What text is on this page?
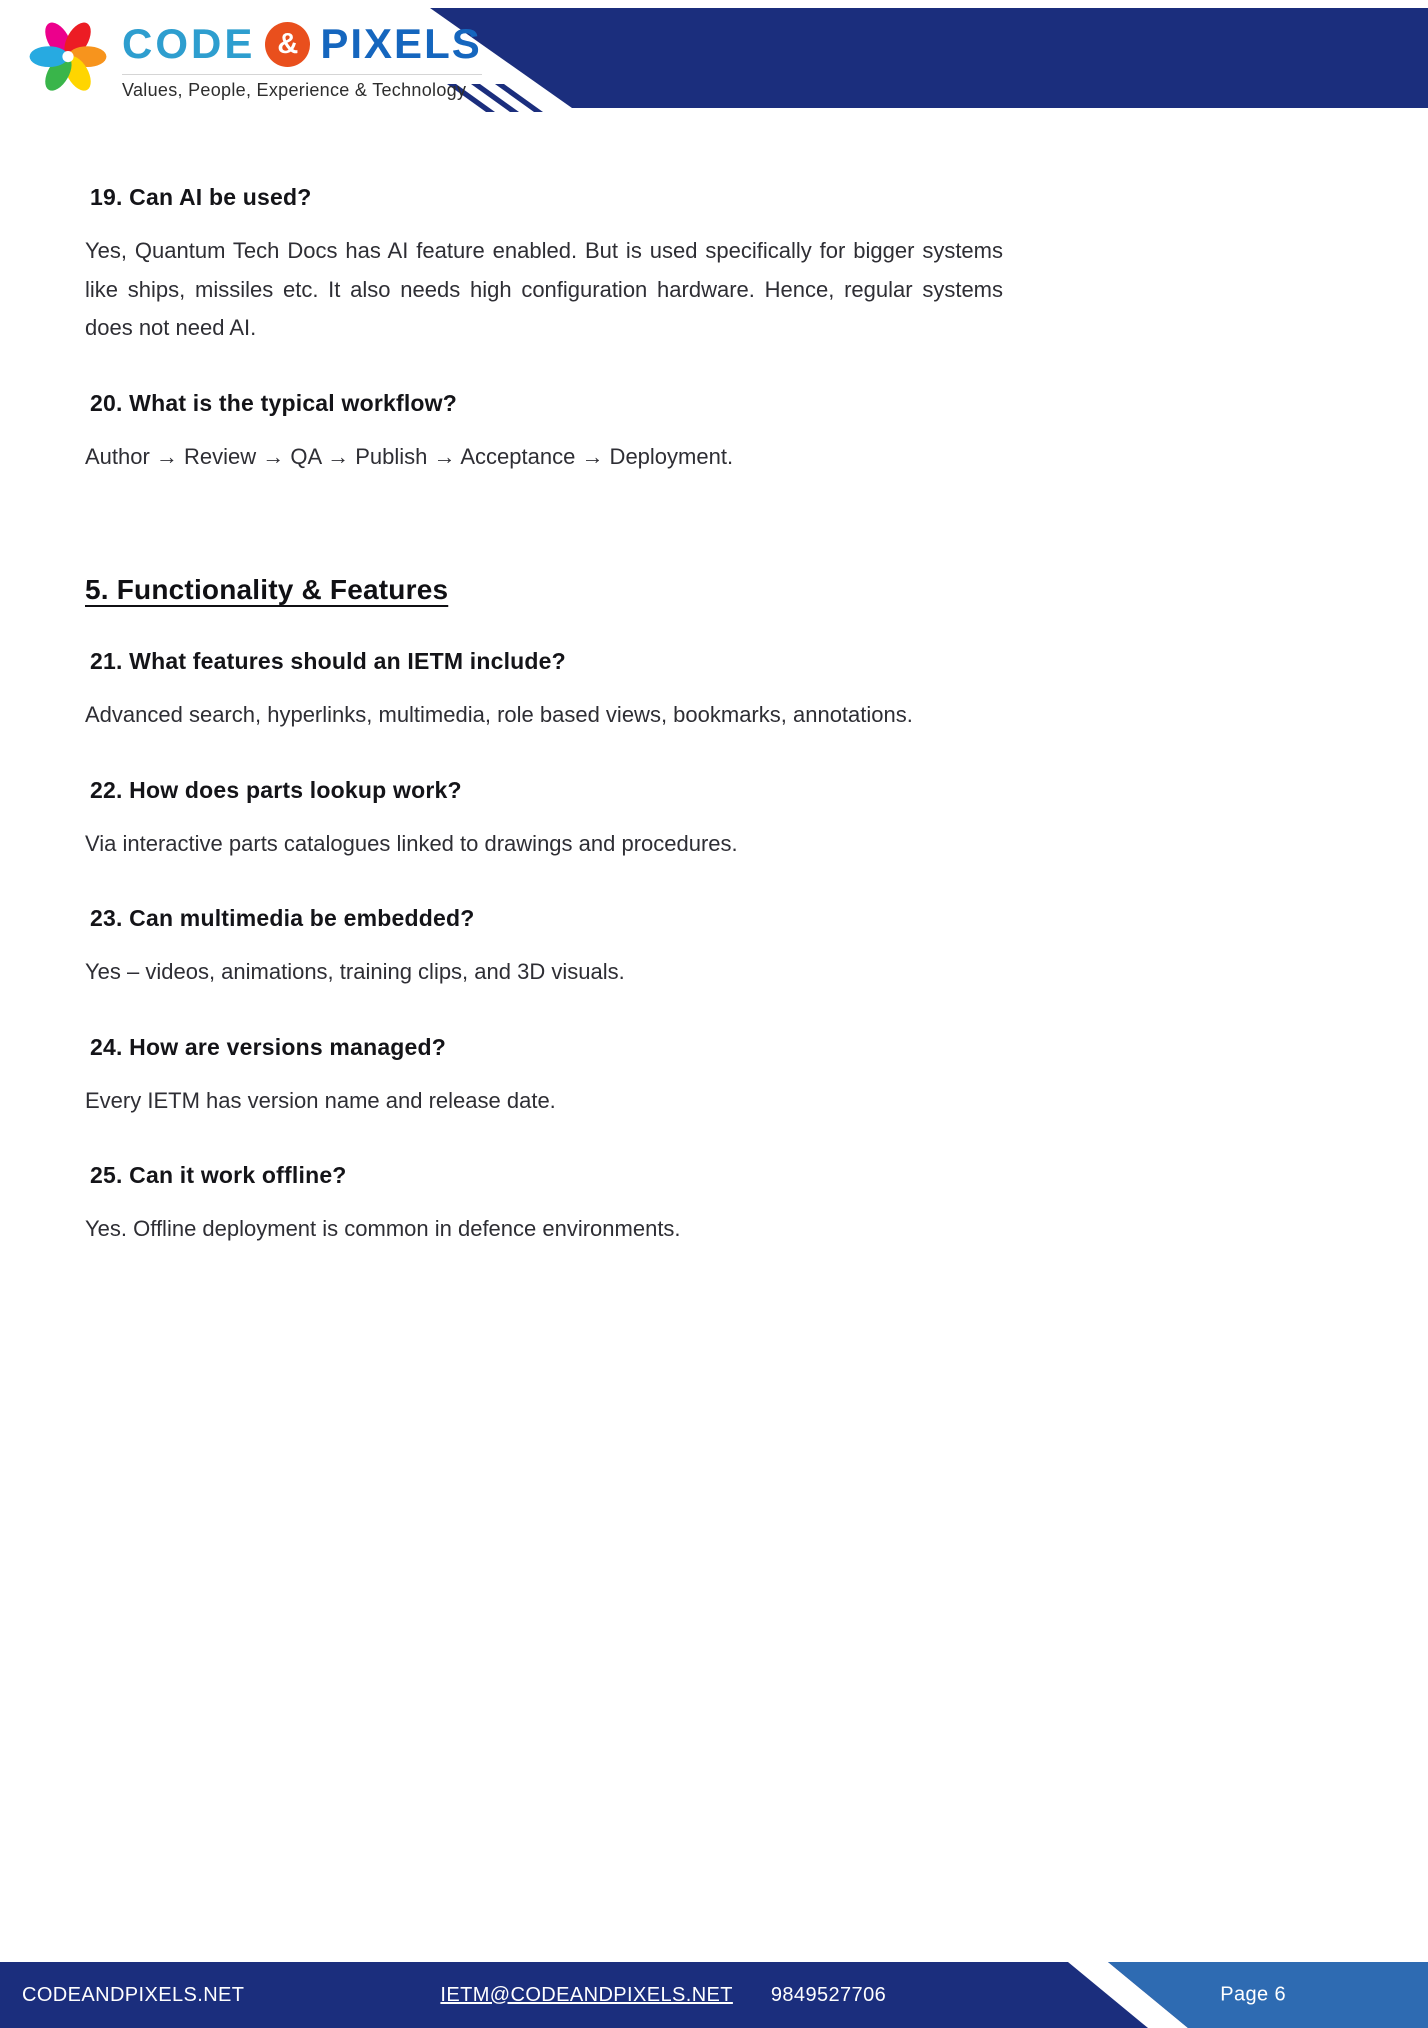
CODE & PIXELS
Values, People, Experience & Technology
19. Can AI be used?

Yes, Quantum Tech Docs has AI feature enabled. But is used specifically for bigger systems like ships, missiles etc. It also needs high configuration hardware. Hence, regular systems does not need AI.

20. What is the typical workflow?

Author → Review → QA → Publish → Acceptance → Deployment.

5. Functionality & Features
21. What features should an IETM include?

Advanced search, hyperlinks, multimedia, role based views, bookmarks, annotations.

22. How does parts lookup work?

Via interactive parts catalogues linked to drawings and procedures.

23. Can multimedia be embedded?

Yes – videos, animations, training clips, and 3D visuals.

24. How are versions managed?

Every IETM has version name and release date.

25. Can it work offline?

Yes. Offline deployment is common in defence environments.

CODEANDPIXELS.NET	IETM@CODEANDPIXELS.NET 9849527706	Page 6
